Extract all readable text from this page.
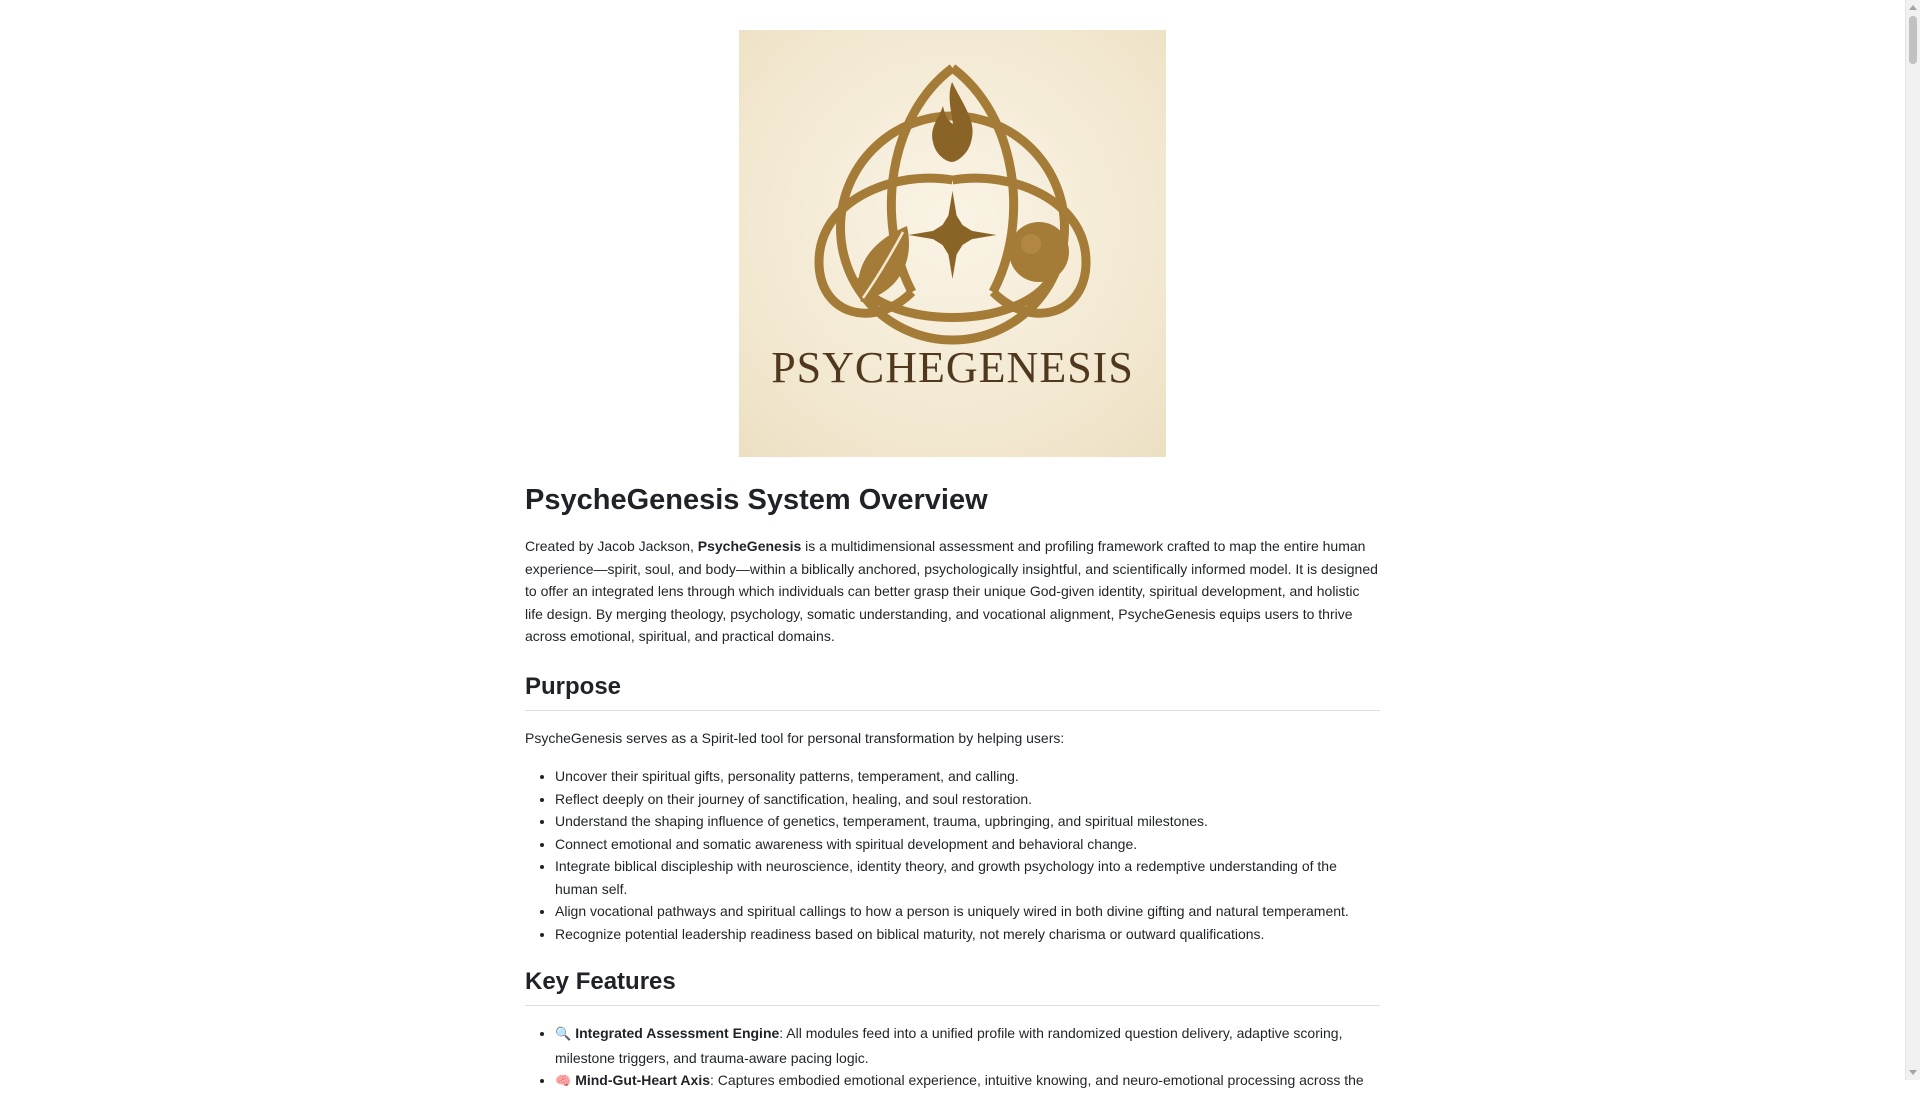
PSYCHEGENESIS
PsycheGenesis System Overview

Created by Jacob Jackson, PsycheGenesis is a multidimensional assessment and profiling framework crafted to map the entire human experience—spirit, soul, and body—within a biblically anchored, psychologically insightful, and scientifically informed model. It is designed to offer an integrated lens through which individuals can better grasp their unique God-given identity, spiritual development, and holistic life design. By merging theology, psychology, somatic understanding, and vocational alignment, PsycheGenesis equips users to thrive across emotional, spiritual, and practical domains.

Purpose

PsycheGenesis serves as a Spirit-led tool for personal transformation by helping users:

• Uncover their spiritual gifts, personality patterns, temperament, and calling.
• Reflect deeply on their journey of sanctification, healing, and soul restoration.
• Understand the shaping influence of genetics, temperament, trauma, upbringing, and spiritual milestones.
• Connect emotional and somatic awareness with spiritual development and behavioral change.
• Integrate biblical discipleship with neuroscience, identity theory, and growth psychology into a redemptive understanding of the human self.
• Align vocational pathways and spiritual callings to how a person is uniquely wired in both divine gifting and natural temperament.
• Recognize potential leadership readiness based on biblical maturity, not merely charisma or outward qualifications.
Key Features
• 🔍 Integrated Assessment Engine: All modules feed into a unified profile with randomized question delivery, adaptive scoring, milestone triggers, and trauma-aware pacing logic.
• 🧠 Mind-Gut-Heart Axis: Captures embodied emotional experience, intuitive knowing, and neuro-emotional processing across the
